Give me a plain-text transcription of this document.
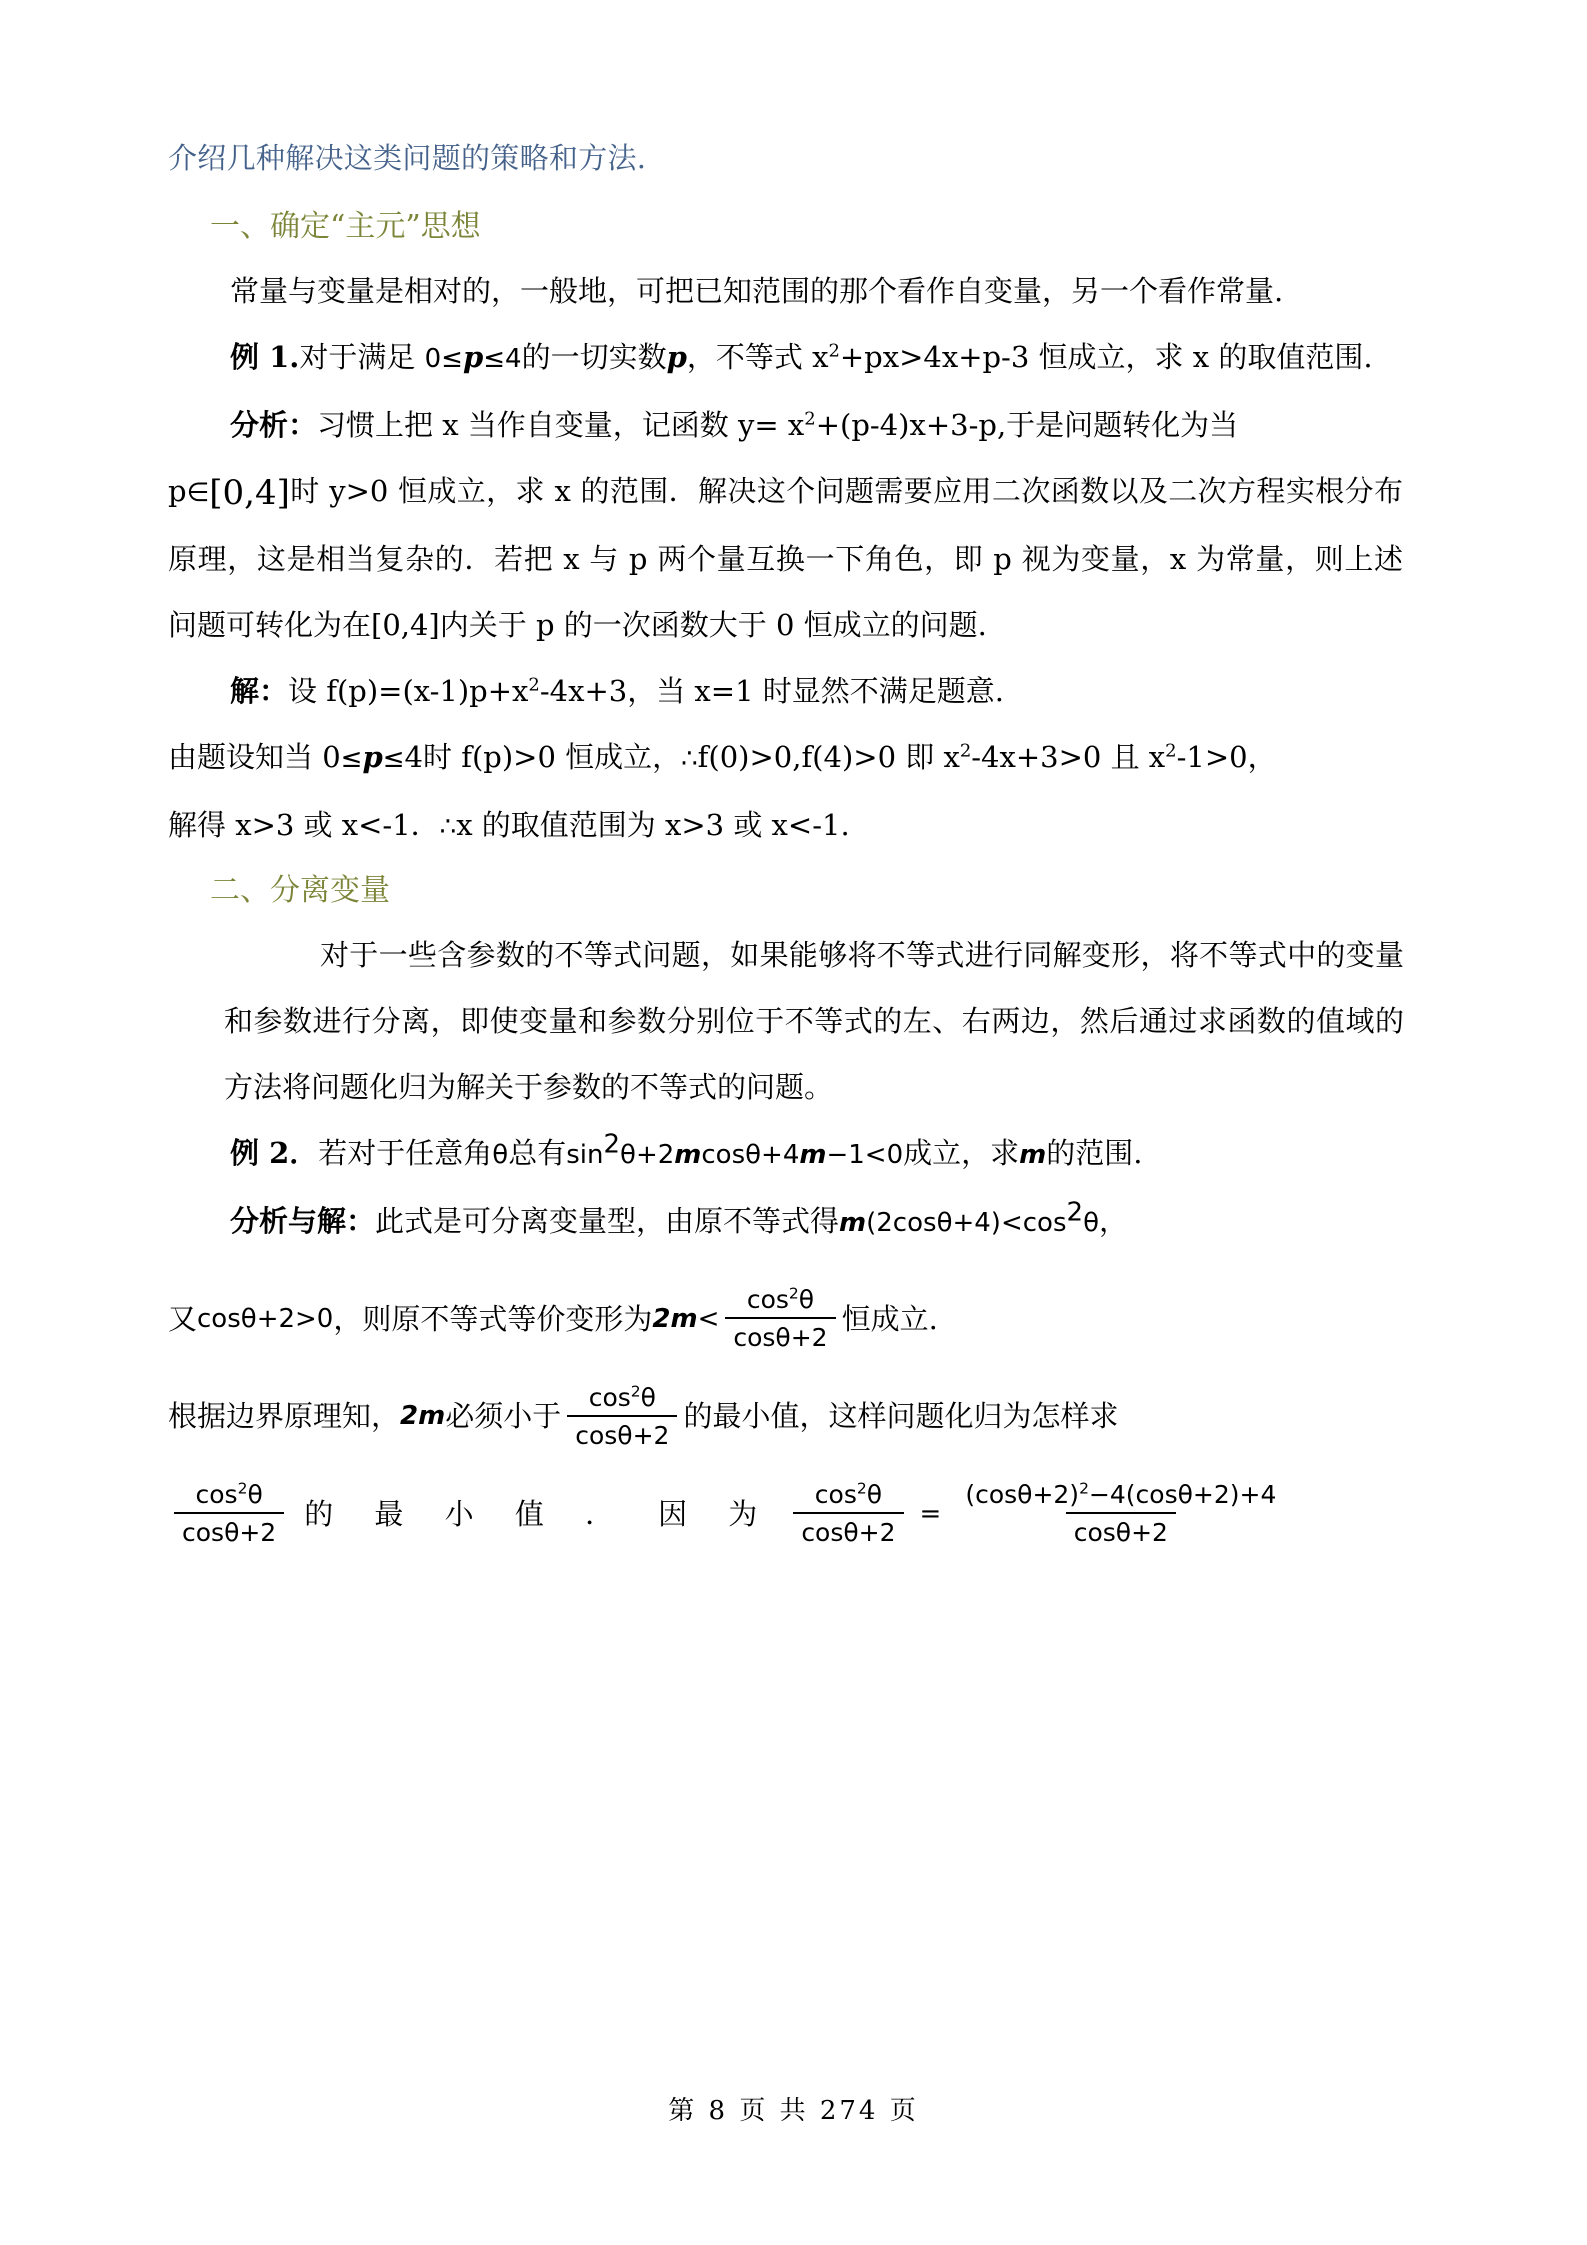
介绍几种解决这类问题的策略和方法.
一、确定“主元”思想
常量与变量是相对的，一般地，可把已知范围的那个看作自变量，另一个看作常量.
例 1.对于满足 0≤p≤4的一切实数p，不等式 $x^2+px>4x+p-3$ 恒成立，求 x 的取值范围.
分析：习惯上把 x 当作自变量，记函数 $y= x^2+(p-4)x+3-p$,于是问题转化为当
p∈[0,4]时 y>0 恒成立，求 x 的范围．解决这个问题需要应用二次函数以及二次方程实根分布原理，这是相当复杂的．若把 x 与 p 两个量互换一下角色，即 p 视为变量，x 为常量，则上述问题可转化为在[0,4]内关于 p 的一次函数大于 0 恒成立的问题.
解：设 $f(p)=(x-1)p+x^2-4x+3$，当 x=1 时显然不满足题意.
由题设知当 0≤p≤4时 f(p)>0 恒成立，∴f(0)>0,f(4)>0 即 $x^2-4x+3>0$ 且 $x^2-1>0$，
解得 x>3 或 x<-1．∴x 的取值范围为 x>3 或 x<-1.
二、分离变量
对于一些含参数的不等式问题，如果能够将不等式进行同解变形，将不等式中的变量和参数进行分离，即使变量和参数分别位于不等式的左、右两边，然后通过求函数的值域的方法将问题化归为解关于参数的不等式的问题。
例 2．若对于任意角θ总有$\sin^2\theta+2mcos\theta+4m-1<0$成立，求m的范围.
分析与解：此式是可分离变量型，由原不等式得$m(2\cos\theta+4)<\cos^2\theta$，
又 cos θ +2>0 ， 则原不等式等价变形为 $2m < \frac{\cos^2\theta}{\cos\theta+2}$ 恒成立.
根据边界原理知， 2m 必须小于 $\frac{\cos^2\theta}{\cos\theta+2}$ 的最小值，这样问题化归为怎样求
$\frac{\cos^2\theta}{\cos\theta+2}$ 的 最 小 值 ． 因 为 $\frac{\cos^2\theta}{\cos\theta+2} = \frac{(\cos\theta+2)^2-4(\cos\theta+2)+4}{\cos\theta+2}$
第 8 页 共 274 页
